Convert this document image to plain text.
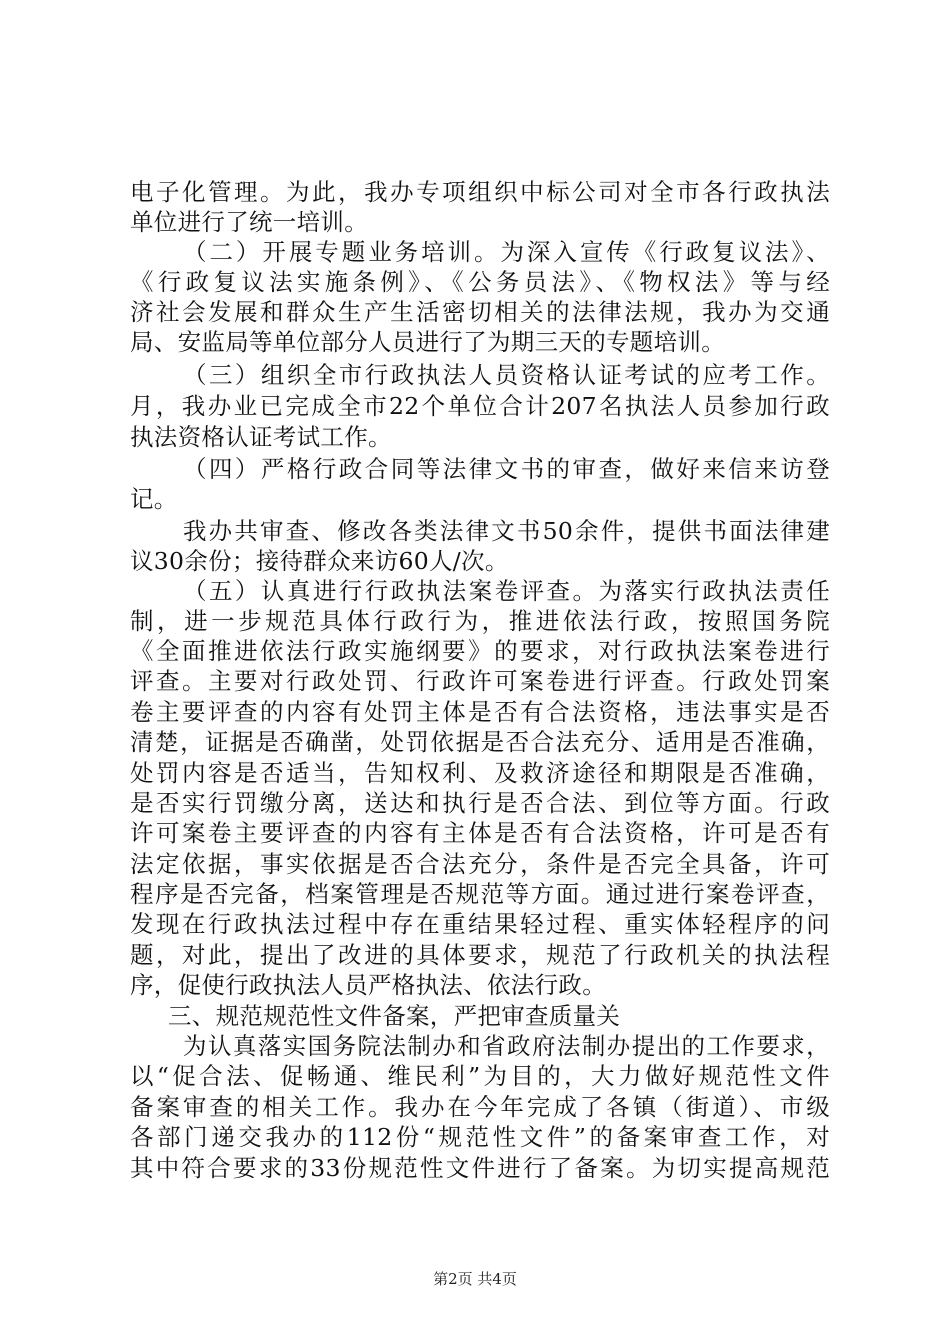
电子化管理。为此，我办专项组织中标公司对全市各行政执法
单位进行了统一培训。
（二）开展专题业务培训。为深入宣传《行政复议法》、
《行政复议法实施条例》、《公务员法》、《物权法》等与经
济社会发展和群众生产生活密切相关的法律法规，我办为交通
局、安监局等单位部分人员进行了为期三天的专题培训。
（三）组织全市行政执法人员资格认证考试的应考工作。
月，我办业已完成全市22个单位合计207名执法人员参加行政
执法资格认证考试工作。
（四）严格行政合同等法律文书的审查，做好来信来访登
记。
我办共审查、修改各类法律文书50余件，提供书面法律建
议30余份；接待群众来访60人/次。
（五）认真进行行政执法案卷评查。为落实行政执法责任
制，进一步规范具体行政行为，推进依法行政，按照国务院
《全面推进依法行政实施纲要》的要求，对行政执法案卷进行
评查。主要对行政处罚、行政许可案卷进行评查。行政处罚案
卷主要评查的内容有处罚主体是否有合法资格，违法事实是否
清楚，证据是否确凿，处罚依据是否合法充分、适用是否准确，
处罚内容是否适当，告知权利、及救济途径和期限是否准确，
是否实行罚缴分离，送达和执行是否合法、到位等方面。行政
许可案卷主要评查的内容有主体是否有合法资格，许可是否有
法定依据，事实依据是否合法充分，条件是否完全具备，许可
程序是否完备，档案管理是否规范等方面。通过进行案卷评查，
发现在行政执法过程中存在重结果轻过程、重实体轻程序的问
题，对此，提出了改进的具体要求，规范了行政机关的执法程
序，促使行政执法人员严格执法、依法行政。
三、规范规范性文件备案，严把审查质量关
为认真落实国务院法制办和省政府法制办提出的工作要求，
以“促合法、促畅通、维民利”为目的，大力做好规范性文件
备案审查的相关工作。我办在今年完成了各镇（街道）、市级
各部门递交我办的112份“规范性文件”的备案审查工作，对
其中符合要求的33份规范性文件进行了备案。为切实提高规范
第2页 共4页
